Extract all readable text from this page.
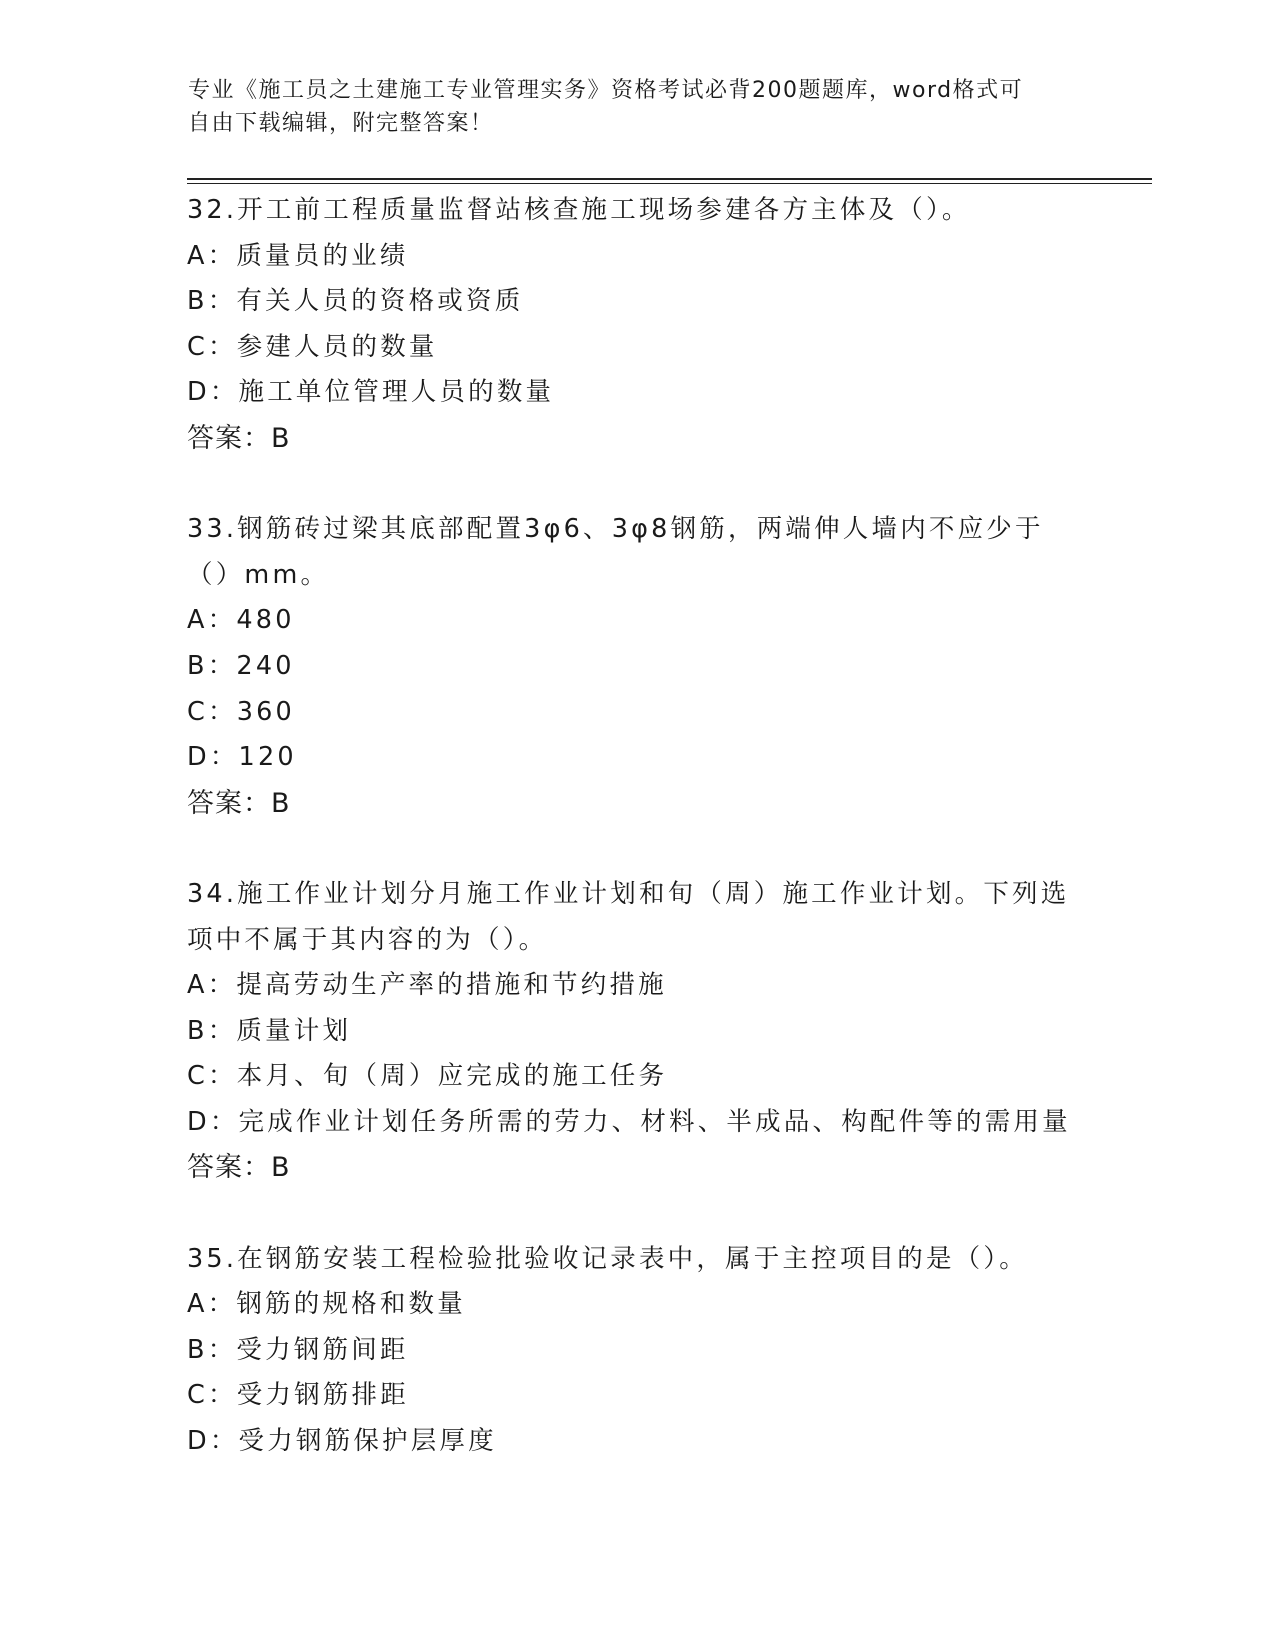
专业《施工员之土建施工专业管理实务》资格考试必背200题题库，word格式可
自由下载编辑，附完整答案！
32.开工前工程质量监督站核查施工现场参建各方主体及（）。
A：质量员的业绩
B：有关人员的资格或资质
C：参建人员的数量
D：施工单位管理人员的数量
答案：B
33.钢筋砖过梁其底部配置3φ6、3φ8钢筋，两端伸人墙内不应少于
（）mm。
A：480
B：240
C：360
D：120
答案：B
34.施工作业计划分月施工作业计划和旬（周）施工作业计划。下列选
项中不属于其内容的为（）。
A：提高劳动生产率的措施和节约措施
B：质量计划
C：本月、旬（周）应完成的施工任务
D：完成作业计划任务所需的劳力、材料、半成品、构配件等的需用量
答案：B
35.在钢筋安装工程检验批验收记录表中，属于主控项目的是（）。
A：钢筋的规格和数量
B：受力钢筋间距
C：受力钢筋排距
D：受力钢筋保护层厚度
